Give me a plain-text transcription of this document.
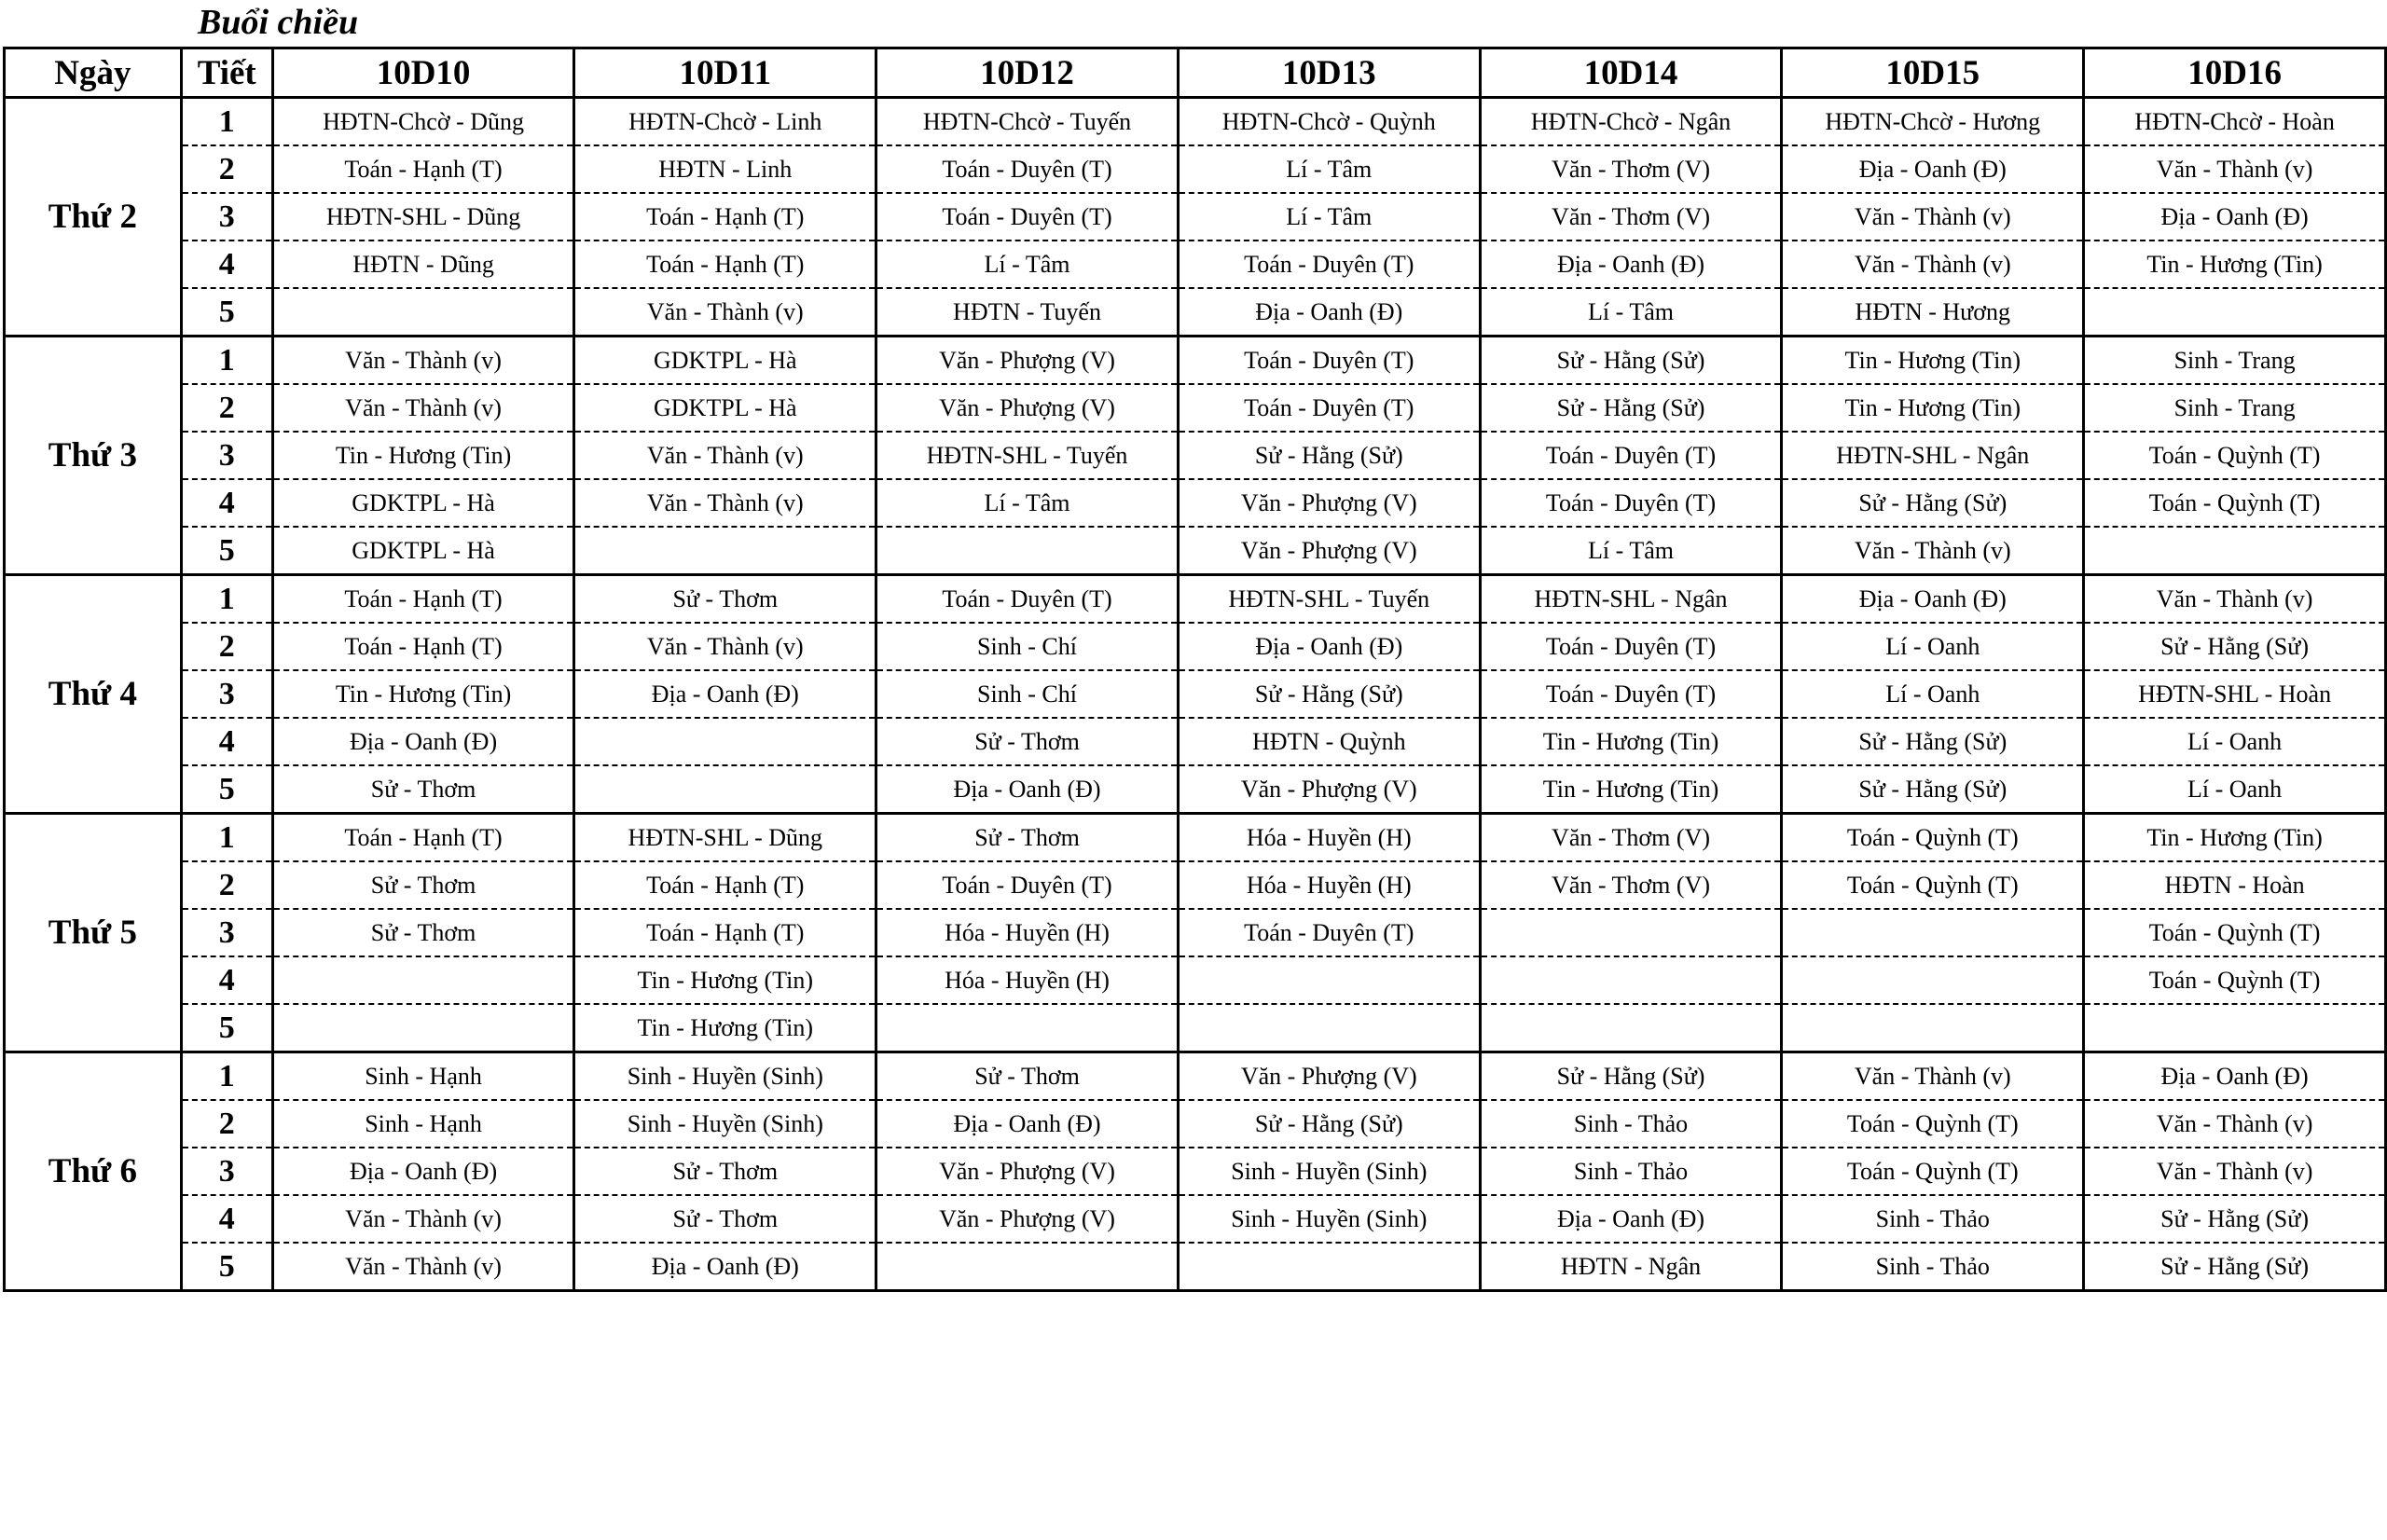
Buổi chiều
Ngày	Tiết	10D10	10D11	10D12	10D13	10D14	10D15	10D16
Thứ 2	1	HĐTN-Chcờ - Dũng	HĐTN-Chcờ - Linh	HĐTN-Chcờ - Tuyến	HĐTN-Chcờ - Quỳnh	HĐTN-Chcờ - Ngân	HĐTN-Chcờ - Hương	HĐTN-Chcờ - Hoàn
	2	Toán - Hạnh (T)	HĐTN - Linh	Toán - Duyên (T)	Lí - Tâm	Văn - Thơm (V)	Địa - Oanh (Đ)	Văn - Thành (v)
	3	HĐTN-SHL - Dũng	Toán - Hạnh (T)	Toán - Duyên (T)	Lí - Tâm	Văn - Thơm (V)	Văn - Thành (v)	Địa - Oanh (Đ)
	4	HĐTN - Dũng	Toán - Hạnh (T)	Lí - Tâm	Toán - Duyên (T)	Địa - Oanh (Đ)	Văn - Thành (v)	Tin - Hương (Tin)
	5		Văn - Thành (v)	HĐTN - Tuyến	Địa - Oanh (Đ)	Lí - Tâm	HĐTN - Hương	
Thứ 3	1	Văn - Thành (v)	GDKTPL - Hà	Văn - Phượng (V)	Toán - Duyên (T)	Sử - Hằng (Sử)	Tin - Hương (Tin)	Sinh - Trang
	2	Văn - Thành (v)	GDKTPL - Hà	Văn - Phượng (V)	Toán - Duyên (T)	Sử - Hằng (Sử)	Tin - Hương (Tin)	Sinh - Trang
	3	Tin - Hương (Tin)	Văn - Thành (v)	HĐTN-SHL - Tuyến	Sử - Hằng (Sử)	Toán - Duyên (T)	HĐTN-SHL - Ngân	Toán - Quỳnh (T)
	4	GDKTPL - Hà	Văn - Thành (v)	Lí - Tâm	Văn - Phượng (V)	Toán - Duyên (T)	Sử - Hằng (Sử)	Toán - Quỳnh (T)
	5	GDKTPL - Hà			Văn - Phượng (V)	Lí - Tâm	Văn - Thành (v)	
Thứ 4	1	Toán - Hạnh (T)	Sử - Thơm	Toán - Duyên (T)	HĐTN-SHL - Tuyến	HĐTN-SHL - Ngân	Địa - Oanh (Đ)	Văn - Thành (v)
	2	Toán - Hạnh (T)	Văn - Thành (v)	Sinh - Chí	Địa - Oanh (Đ)	Toán - Duyên (T)	Lí - Oanh	Sử - Hằng (Sử)
	3	Tin - Hương (Tin)	Địa - Oanh (Đ)	Sinh - Chí	Sử - Hằng (Sử)	Toán - Duyên (T)	Lí - Oanh	HĐTN-SHL - Hoàn
	4	Địa - Oanh (Đ)		Sử - Thơm	HĐTN - Quỳnh	Tin - Hương (Tin)	Sử - Hằng (Sử)	Lí - Oanh
	5	Sử - Thơm		Địa - Oanh (Đ)	Văn - Phượng (V)	Tin - Hương (Tin)	Sử - Hằng (Sử)	Lí - Oanh
Thứ 5	1	Toán - Hạnh (T)	HĐTN-SHL - Dũng	Sử - Thơm	Hóa - Huyền (H)	Văn - Thơm (V)	Toán - Quỳnh (T)	Tin - Hương (Tin)
	2	Sử - Thơm	Toán - Hạnh (T)	Toán - Duyên (T)	Hóa - Huyền (H)	Văn - Thơm (V)	Toán - Quỳnh (T)	HĐTN - Hoàn
	3	Sử - Thơm	Toán - Hạnh (T)	Hóa - Huyền (H)	Toán - Duyên (T)			Toán - Quỳnh (T)
	4		Tin - Hương (Tin)	Hóa - Huyền (H)				Toán - Quỳnh (T)
	5		Tin - Hương (Tin)					
Thứ 6	1	Sinh - Hạnh	Sinh - Huyền (Sinh)	Sử - Thơm	Văn - Phượng (V)	Sử - Hằng (Sử)	Văn - Thành (v)	Địa - Oanh (Đ)
	2	Sinh - Hạnh	Sinh - Huyền (Sinh)	Địa - Oanh (Đ)	Sử - Hằng (Sử)	Sinh - Thảo	Toán - Quỳnh (T)	Văn - Thành (v)
	3	Địa - Oanh (Đ)	Sử - Thơm	Văn - Phượng (V)	Sinh - Huyền (Sinh)	Sinh - Thảo	Toán - Quỳnh (T)	Văn - Thành (v)
	4	Văn - Thành (v)	Sử - Thơm	Văn - Phượng (V)	Sinh - Huyền (Sinh)	Địa - Oanh (Đ)	Sinh - Thảo	Sử - Hằng (Sử)
	5	Văn - Thành (v)	Địa - Oanh (Đ)			HĐTN - Ngân	Sinh - Thảo	Sử - Hằng (Sử)
